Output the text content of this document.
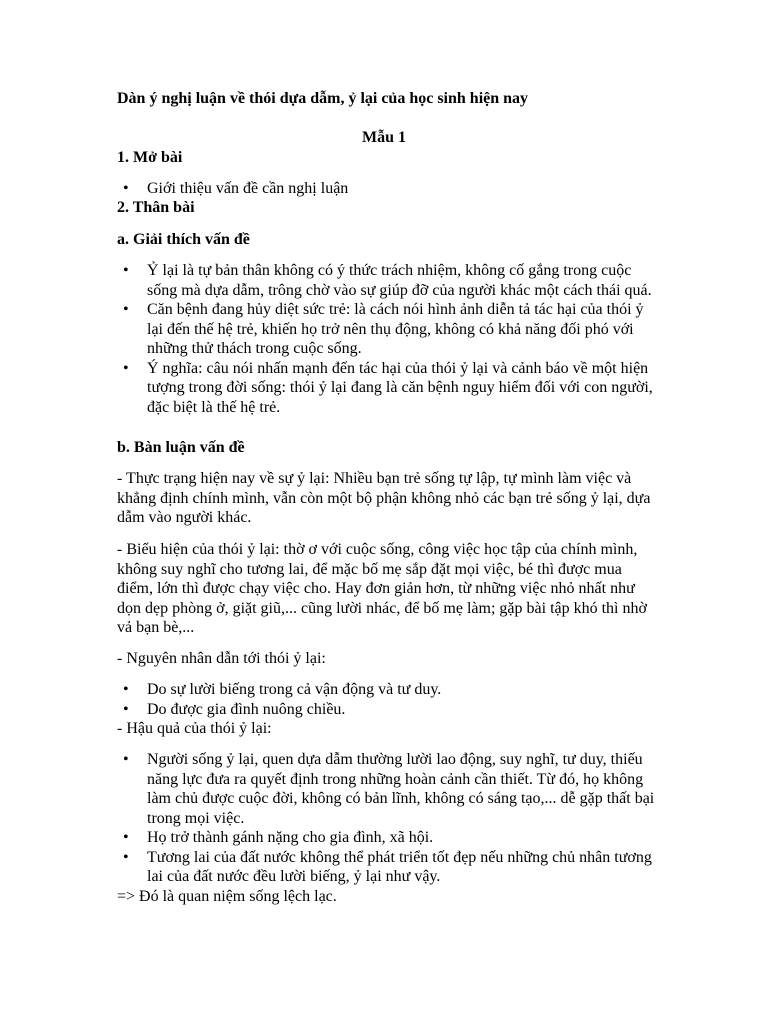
Dàn ý nghị luận về thói dựa dẫm, ỷ lại của học sinh hiện nay
Mẫu 1
1. Mở bài
• Giới thiệu vấn đề cần nghị luận
2. Thân bài
a. Giải thích vấn đề
• Ỷ lại là tự bản thân không có ý thức trách nhiệm, không cố gắng trong cuộc sống mà dựa dẫm, trông chờ vào sự giúp đỡ của người khác một cách thái quá.
• Căn bệnh đang hủy diệt sức trẻ: là cách nói hình ảnh diễn tả tác hại của thói ỷ lại đến thế hệ trẻ, khiến họ trở nên thụ động, không có khả năng đối phó với những thử thách trong cuộc sống.
• Ý nghĩa: câu nói nhấn mạnh đến tác hại của thói ỷ lại và cảnh báo về một hiện tượng trong đời sống: thói ỷ lại đang là căn bệnh nguy hiểm đối với con người, đặc biệt là thế hệ trẻ.
b. Bàn luận vấn đề

- Thực trạng hiện nay về sự ỷ lại: Nhiều bạn trẻ sống tự lập, tự mình làm việc và khẳng định chính mình, vẫn còn một bộ phận không nhỏ các bạn trẻ sống ỷ lại, dựa dẫm vào người khác.

- Biểu hiện của thói ỷ lại: thờ ơ với cuộc sống, công việc học tập của chính mình, không suy nghĩ cho tương lai, để mặc bố mẹ sắp đặt mọi việc, bé thì được mua điểm, lớn thì được chạy việc cho. Hay đơn giản hơn, từ những việc nhỏ nhất như dọn dẹp phòng ở, giặt giũ,... cũng lười nhác, để bố mẹ làm; gặp bài tập khó thì nhờ vả bạn bè,...

- Nguyên nhân dẫn tới thói ỷ lại:

• Do sự lười biếng trong cả vận động và tư duy.
• Do được gia đình nuông chiều.

- Hậu quả của thói ỷ lại:

• Người sống ỷ lại, quen dựa dẫm thường lười lao động, suy nghĩ, tư duy, thiếu năng lực đưa ra quyết định trong những hoàn cảnh cần thiết. Từ đó, họ không làm chủ được cuộc đời, không có bản lĩnh, không có sáng tạo,... dễ gặp thất bại trong mọi việc.
• Họ trở thành gánh nặng cho gia đình, xã hội.
• Tương lai của đất nước không thể phát triển tốt đẹp nếu những chủ nhân tương lai của đất nước đều lười biếng, ỷ lại như vậy.

=> Đó là quan niệm sống lệch lạc.
